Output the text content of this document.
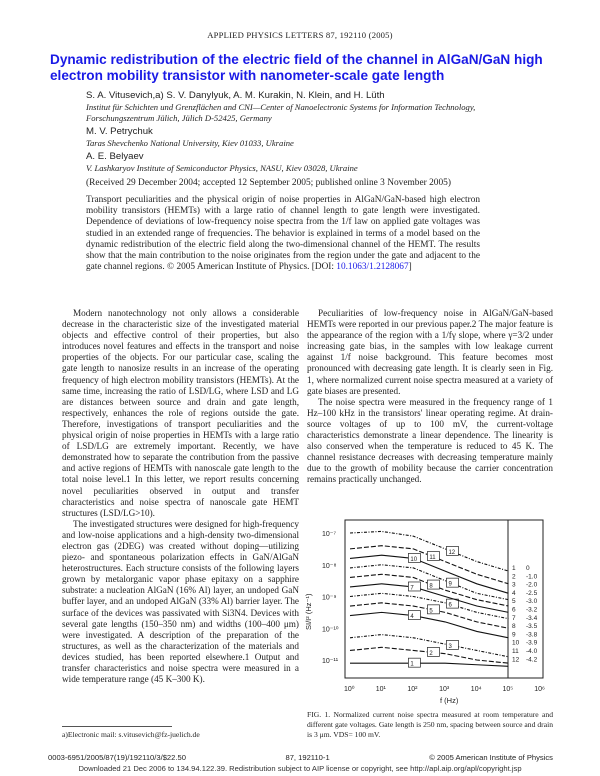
APPLIED PHYSICS LETTERS 87, 192110 (2005)
Dynamic redistribution of the electric field of the channel in AlGaN/GaN high electron mobility transistor with nanometer-scale gate length
S. A. Vitusevich,a) S. V. Danylyuk, A. M. Kurakin, N. Klein, and H. Lüth
Institut für Schichten und Grenzflächen and CNI—Center of Nanoelectronic Systems for Information Technology, Forschungszentrum Jülich, Jülich D-52425, Germany
M. V. Petrychuk
Taras Shevchenko National University, Kiev 01033, Ukraine
A. E. Belyaev
V. Lashkaryov Institute of Semiconductor Physics, NASU, Kiev 03028, Ukraine
(Received 29 December 2004; accepted 12 September 2005; published online 3 November 2005)
Transport peculiarities and the physical origin of noise properties in AlGaN/GaN-based high electron mobility transistors (HEMTs) with a large ratio of channel length to gate length were investigated. Dependence of deviations of low-frequency noise spectra from the 1/f law on applied gate voltages was studied in an extended range of frequencies. The behavior is explained in terms of a model based on the dynamic redistribution of the electric field along the two-dimensional channel of the HEMT. The results show that the main contribution to the noise originates from the region under the gate and adjacent to the gate channel regions. © 2005 American Institute of Physics. [DOI: 10.1063/1.2128067]

Modern nanotechnology not only allows a considerable decrease in the characteristic size of the investigated material objects and effective control of their properties, but also introduces novel features and effects in the transport and noise properties of the objects. For our particular case, scaling the gate length to nanosize results in an increase of the operating frequency of high electron mobility transistors (HEMTs). At the same time, increasing the ratio of LSD/LG, where LSD and LG are distances between source and drain and gate length, respectively, enhances the role of regions outside the gate. Therefore, investigations of transport peculiarities and the physical origin of noise properties in HEMTs with a large ratio of LSD/LG are extremely important. Recently, we have demonstrated how to separate the contribution from the passive and active regions of HEMTs with nanoscale gate length to the total noise level.1 In this letter, we report results concerning novel peculiarities observed in output and transfer characteristics and noise spectra of nanoscale gate HEMT structures (LSD/LG>10).

The investigated structures were designed for high-frequency and low-noise applications and a high-density two-dimensional electron gas (2DEG) was created without doping—utilizing piezo- and spontaneous polarization effects in GaN/AlGaN heterostructures. Each structure consists of the following layers grown by metalorganic vapor phase epitaxy on a sapphire substrate: a nucleation AlGaN (16% Al) layer, an undoped GaN buffer layer, and an undoped AlGaN (33% Al) barrier layer. The surface of the devices was passivated with Si3N4. Devices with several gate lengths (150–350 nm) and widths (100–400 μm) were investigated. A description of the preparation of the structures, as well as the characterization of the materials and devices studied, has been reported elsewhere.1 Output and transfer characteristics and noise spectra were measured in a wide temperature range (45 K–300 K).

Peculiarities of low-frequency noise in AlGaN/GaN-based HEMTs were reported in our previous paper.2 The major feature is the appearance of the region with a 1/fγ slope, where γ=3/2 under increasing gate bias, in the samples with low leakage current against 1/f noise background. This feature becomes most pronounced with decreasing gate length. It is clearly seen in Fig. 1, where normalized current noise spectra measured at a variety of gate biases are presented.

The noise spectra were measured in the frequency range of 1 Hz–100 kHz in the transistors' linear operating regime. At drain-source voltages of up to 100 mV, the current-voltage characteristics demonstrate a linear dependence. The linearity is also conserved when the temperature is reduced to 45 K. The channel resistance decreases with decreasing temperature mainly due to the growth of mobility because the carrier concentration remains practically unchanged.

10⁻⁷
10⁻⁸
10⁻⁹
10⁻¹⁰
10⁻¹¹
10⁰	10¹	10²	10³	10⁴	10⁵	10⁶
f (Hz)
SI/I² (Hz⁻¹)
1
1 0
2
2 -1.0
3
3 -2.0
4
4 -2.5
5
5 -3.0
6
6 -3.2
7
7 -3.4
8
8 -3.5
9
9 -3.8
10
10 -3.9
11
11 -4.0
12
12 -4.2
FIG. 1. Normalized current noise spectra measured at room temperature and different gate voltages. Gate length is 250 nm, spacing between source and drain is 3 μm. VDS= 100 mV.
a)Electronic mail: s.vitusevich@fz-juelich.de
0003-6951/2005/87(19)/192110/3/$22.50	87, 192110-1	© 2005 American Institute of Physics
Downloaded 21 Dec 2006 to 134.94.122.39. Redistribution subject to AIP license or copyright, see http://apl.aip.org/apl/copyright.jsp
